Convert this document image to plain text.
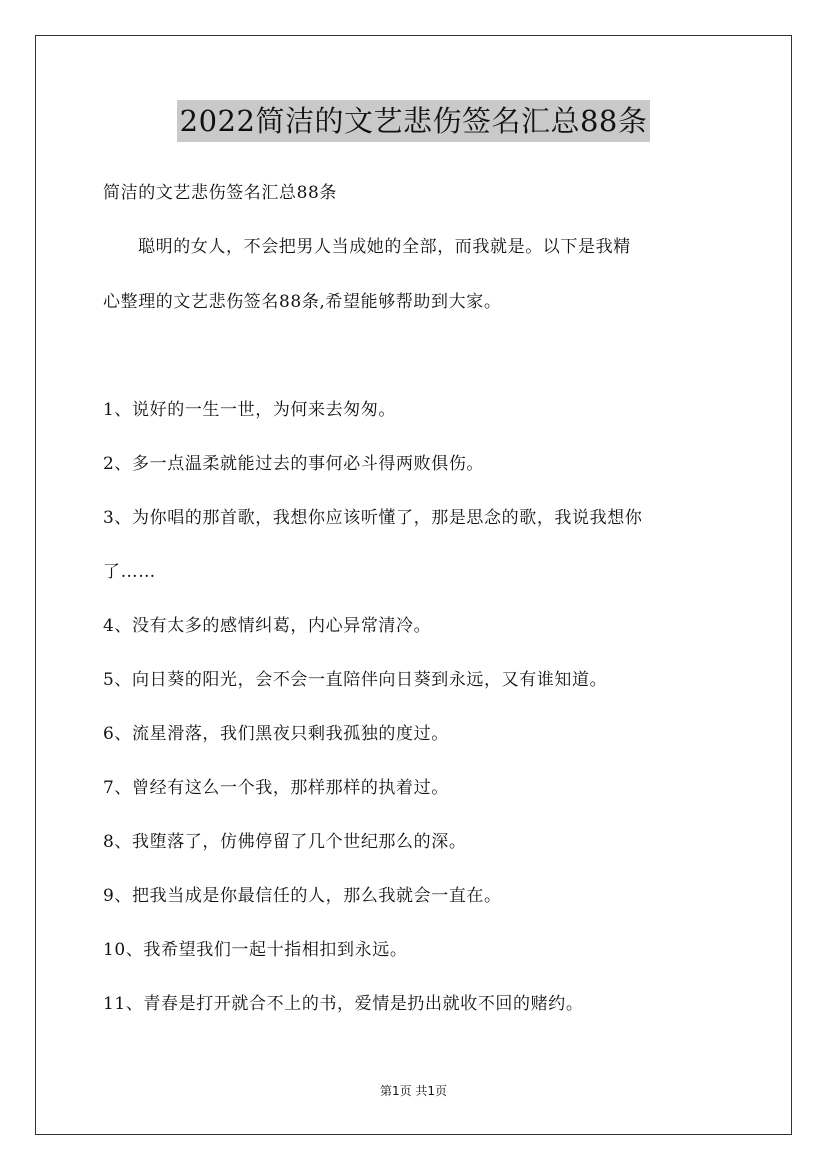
2022简洁的文艺悲伤签名汇总88条

简洁的文艺悲伤签名汇总88条

聪明的女人，不会把男人当成她的全部，而我就是。以下是我精

心整理的文艺悲伤签名88条,希望能够帮助到大家。

1、说好的一生一世，为何来去匆匆。

2、多一点温柔就能过去的事何必斗得两败俱伤。

3、为你唱的那首歌，我想你应该听懂了，那是思念的歌，我说我想你

了……

4、没有太多的感情纠葛，内心异常清冷。

5、向日葵的阳光，会不会一直陪伴向日葵到永远，又有谁知道。

6、流星滑落，我们黑夜只剩我孤独的度过。

7、曾经有这么一个我，那样那样的执着过。

8、我堕落了，仿佛停留了几个世纪那么的深。

9、把我当成是你最信任的人，那么我就会一直在。

10、我希望我们一起十指相扣到永远。

11、青春是打开就合不上的书，爱情是扔出就收不回的赌约。

第1页 共1页
